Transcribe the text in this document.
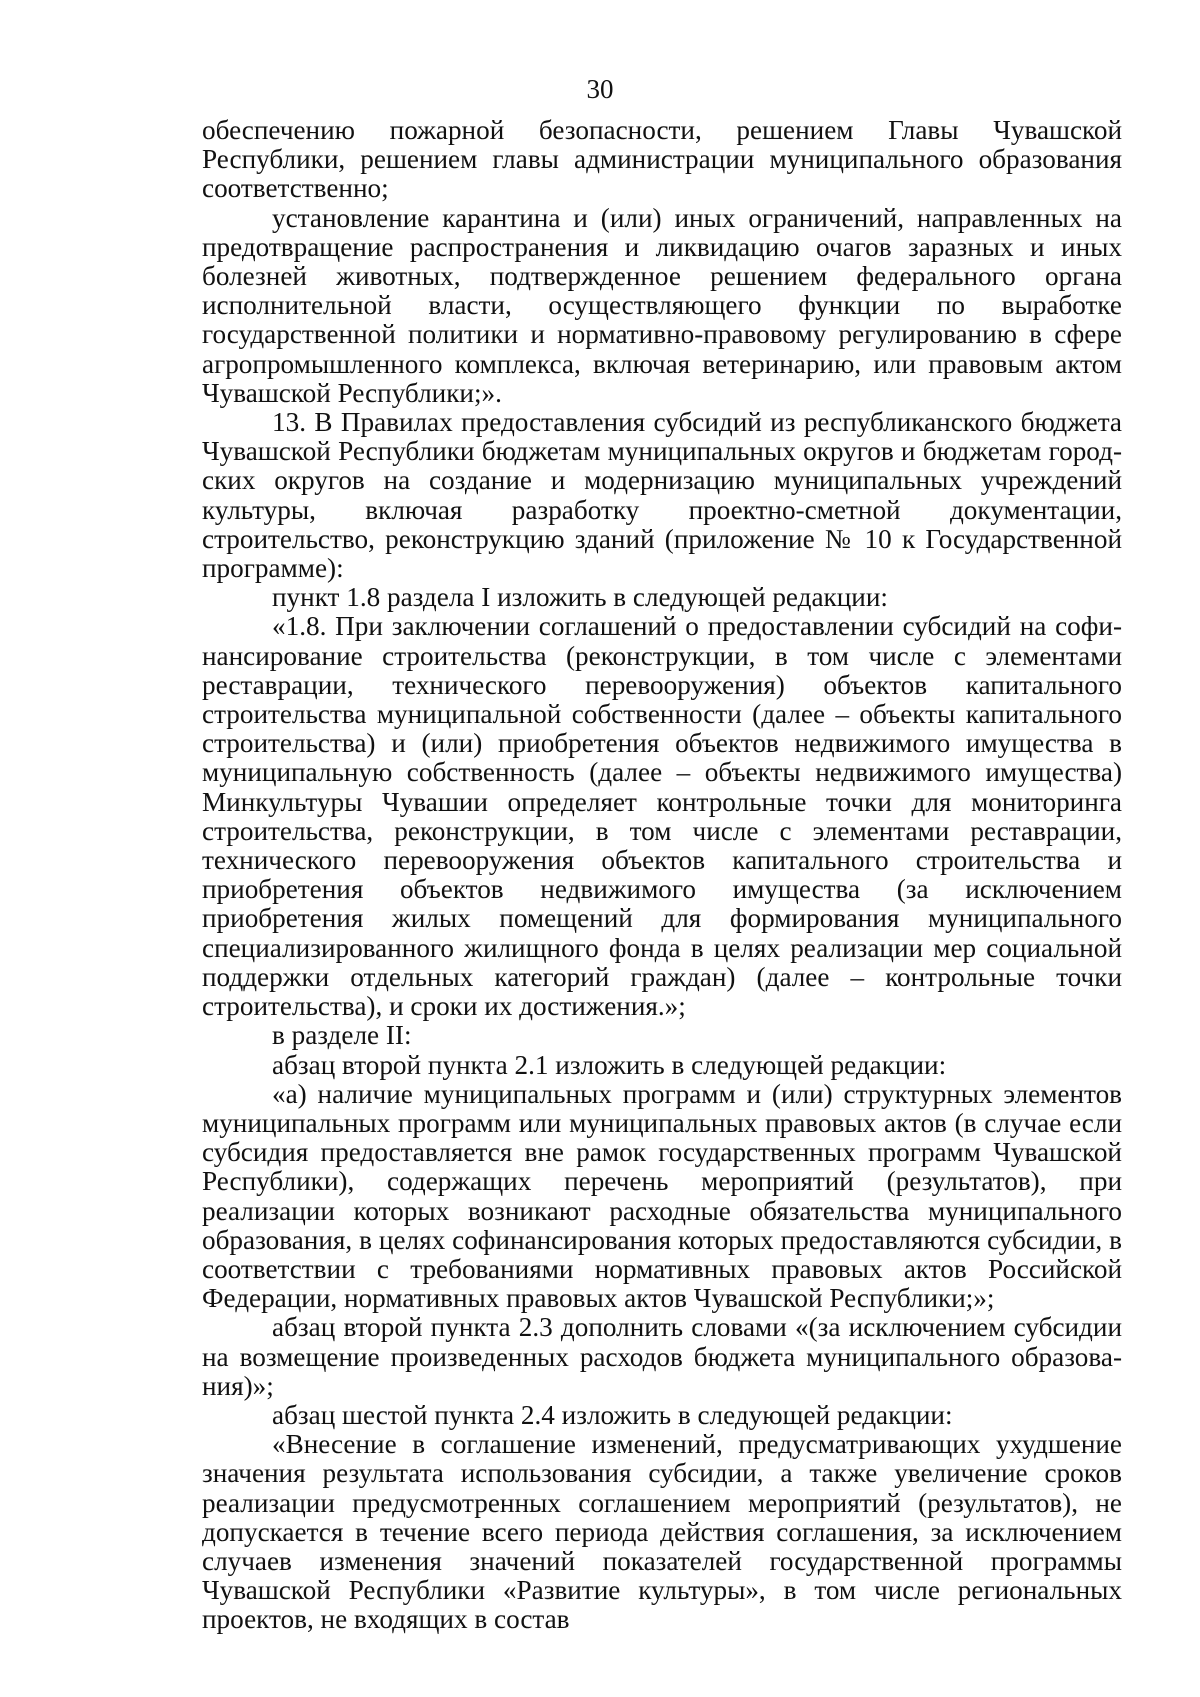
30

обеспечению пожарной безопасности, решением Главы Чувашской Республики, решением главы администрации муниципального образования соответственно;

установление карантина и (или) иных ограничений, направленных на предотвращение распространения и ликвидацию очагов заразных и иных болезней животных, подтвержденное решением федерального органа исполнительной власти, осуществляющего функции по выработке государственной политики и нормативно-правовому регулированию в сфере агропромышленного комплекса, включая ветеринарию, или правовым актом Чувашской Республики;».

13. В Правилах предоставления субсидий из республиканского бюджета Чувашской Республики бюджетам муниципальных округов и бюджетам городских округов на создание и модернизацию муниципальных учреждений культуры, включая разработку проектно-сметной документации, строительство, реконструкцию зданий (приложение № 10 к Государственной программе):

пункт 1.8 раздела I изложить в следующей редакции:

«1.8. При заключении соглашений о предоставлении субсидий на софинансирование строительства (реконструкции, в том числе с элементами реставрации, технического перевооружения) объектов капитального строительства муниципальной собственности (далее – объекты капитального строительства) и (или) приобретения объектов недвижимого имущества в муниципальную собственность (далее – объекты недвижимого имущества) Минкультуры Чувашии определяет контрольные точки для мониторинга строительства, реконструкции, в том числе с элементами реставрации, технического перевооружения объектов капитального строительства и приобретения объектов недвижимого имущества (за исключением приобретения жилых помещений для формирования муниципального специализированного жилищного фонда в целях реализации мер социальной поддержки отдельных категорий граждан) (далее – контрольные точки строительства), и сроки их достижения.»;

в разделе II:

абзац второй пункта 2.1 изложить в следующей редакции:

«а) наличие муниципальных программ и (или) структурных элементов муниципальных программ или муниципальных правовых актов (в случае если субсидия предоставляется вне рамок государственных программ Чувашской Республики), содержащих перечень мероприятий (результатов), при реализации которых возникают расходные обязательства муниципального образования, в целях софинансирования которых предоставляются субсидии, в соответствии с требованиями нормативных правовых актов Российской Федерации, нормативных правовых актов Чувашской Республики;»;

абзац второй пункта 2.3 дополнить словами «(за исключением субсидии на возмещение произведенных расходов бюджета муниципального образования)»;

абзац шестой пункта 2.4 изложить в следующей редакции:

«Внесение в соглашение изменений, предусматривающих ухудшение значения результата использования субсидии, а также увеличение сроков реализации предусмотренных соглашением мероприятий (результатов), не допускается в течение всего периода действия соглашения, за исключением случаев изменения значений показателей государственной программы Чувашской Республики «Развитие культуры», в том числе региональных проектов, не входящих в состав
